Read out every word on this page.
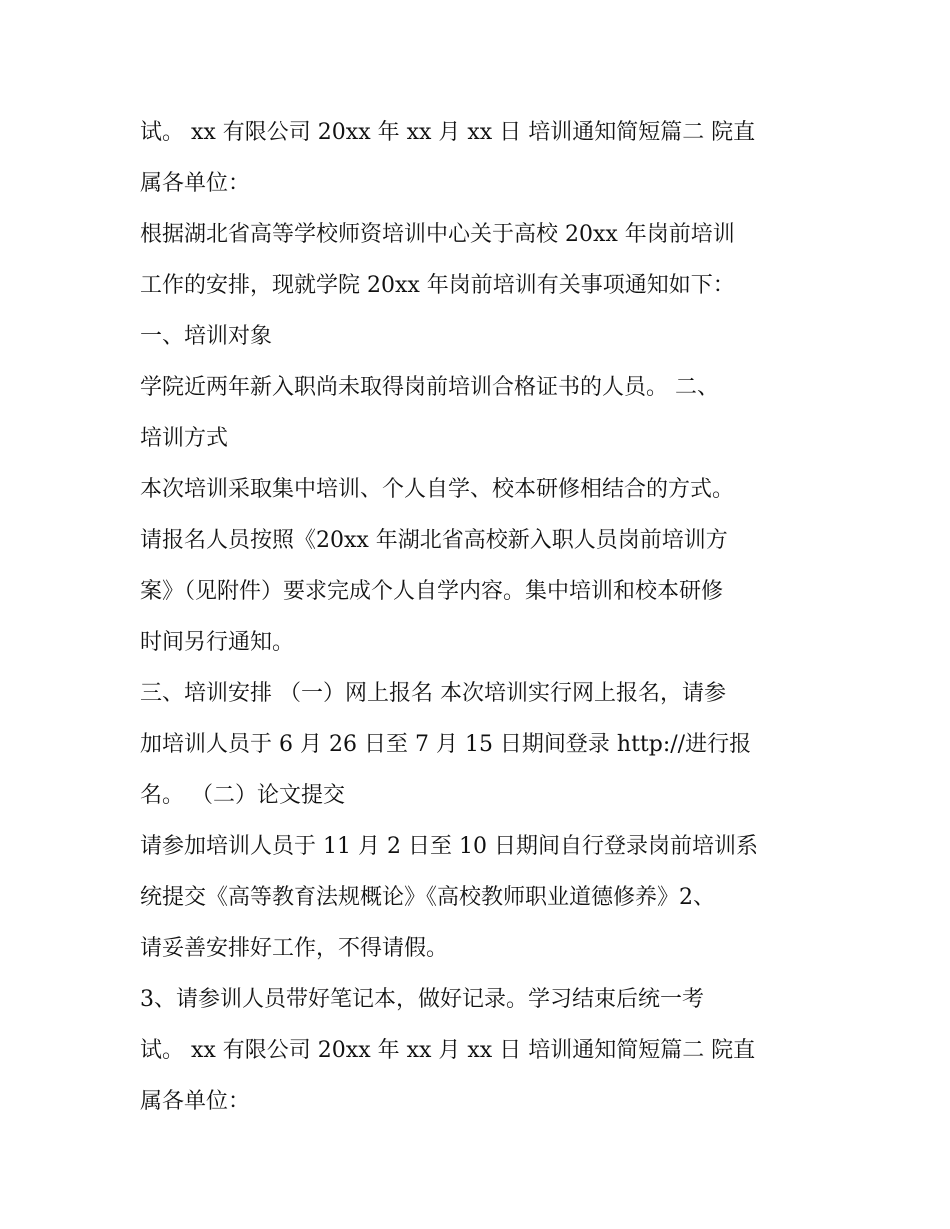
试。 xx 有限公司 20xx 年 xx 月 xx 日 培训通知简短篇二 院直
属各单位：
根据湖北省高等学校师资培训中心关于高校 20xx 年岗前培训
工作的安排，现就学院 20xx 年岗前培训有关事项通知如下：
一、培训对象
学院近两年新入职尚未取得岗前培训合格证书的人员。 二、
培训方式
本次培训采取集中培训、个人自学、校本研修相结合的方式。
请报名人员按照《20xx 年湖北省高校新入职人员岗前培训方
案》（见附件）要求完成个人自学内容。集中培训和校本研修
时间另行通知。
三、培训安排 （一）网上报名 本次培训实行网上报名，请参
加培训人员于 6 月 26 日至 7 月 15 日期间登录 http://进行报
名。 （二）论文提交
请参加培训人员于 11 月 2 日至 10 日期间自行登录岗前培训系
统提交《高等教育法规概论》《高校教师职业道德修养》2、
请妥善安排好工作，不得请假。
3、请参训人员带好笔记本，做好记录。学习结束后统一考
试。 xx 有限公司 20xx 年 xx 月 xx 日 培训通知简短篇二 院直
属各单位：
